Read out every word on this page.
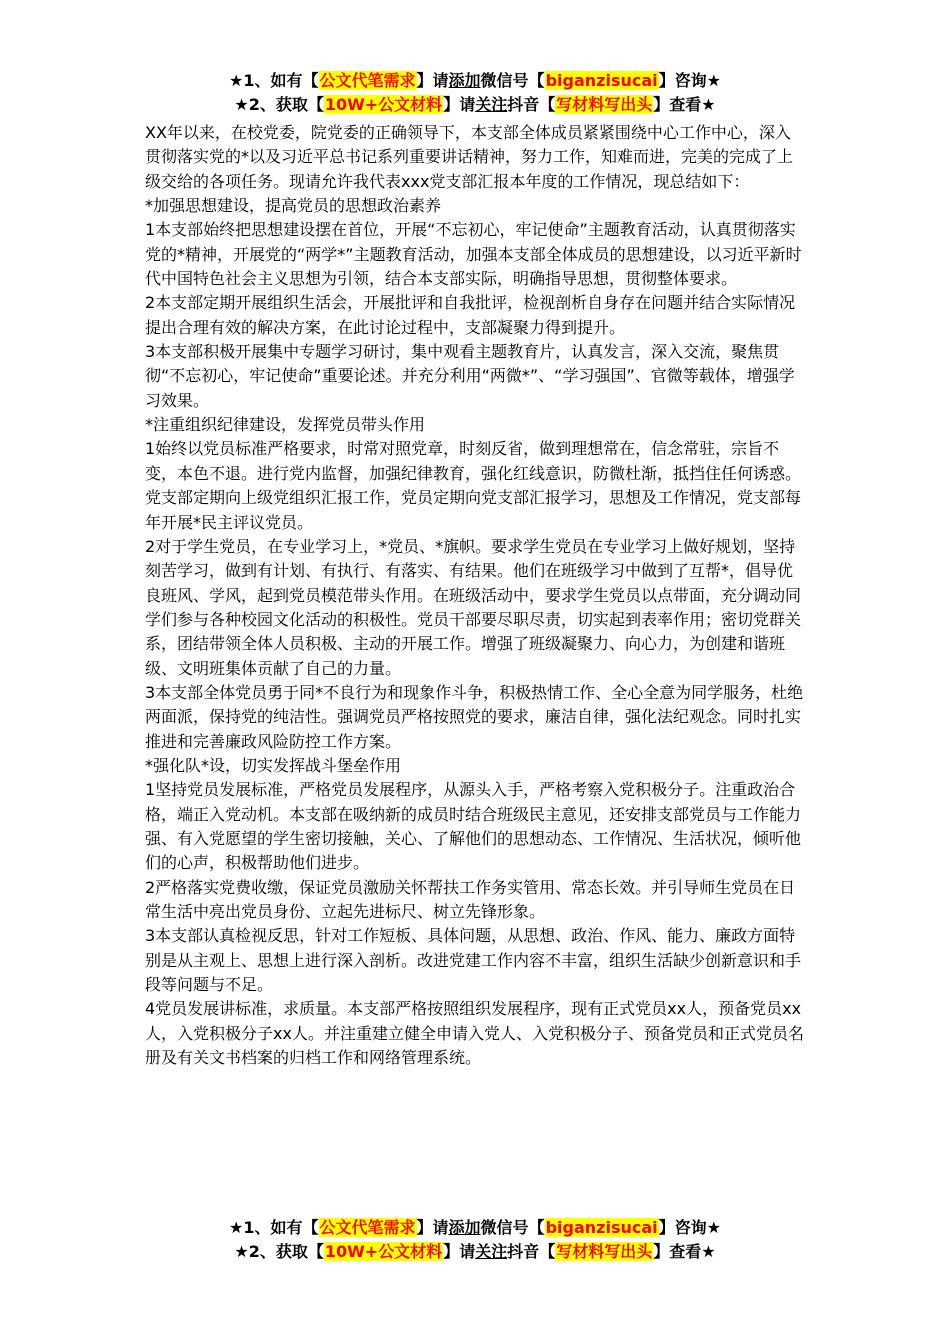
★1、如有【公文代笔需求】请添加微信号【biganzisucai】咨询★
★2、获取【10W+公文材料】请关注抖音【写材料写出头】查看★

XX年以来，在校党委，院党委的正确领导下，本支部全体成员紧紧围绕中心工作中心，深入贯彻落实党的*以及习近平总书记系列重要讲话精神，努力工作，知难而进，完美的完成了上级交给的各项任务。现请允许我代表xxx党支部汇报本年度的工作情况，现总结如下：

*加强思想建设，提高党员的思想政治素养

1本支部始终把思想建设摆在首位，开展“不忘初心，牢记使命”主题教育活动，认真贯彻落实党的*精神，开展党的“两学*”主题教育活动，加强本支部全体成员的思想建设，以习近平新时代中国特色社会主义思想为引领，结合本支部实际，明确指导思想，贯彻整体要求。

2本支部定期开展组织生活会，开展批评和自我批评，检视剖析自身存在问题并结合实际情况提出合理有效的解决方案，在此讨论过程中，支部凝聚力得到提升。

3本支部积极开展集中专题学习研讨，集中观看主题教育片，认真发言，深入交流，聚焦贯彻“不忘初心，牢记使命”重要论述。并充分利用“两微*”、“学习强国”、官微等载体，增强学习效果。

*注重组织纪律建设，发挥党员带头作用

1始终以党员标准严格要求，时常对照党章，时刻反省，做到理想常在，信念常驻，宗旨不变，本色不退。进行党内监督，加强纪律教育，强化红线意识，防微杜渐，抵挡住任何诱惑。党支部定期向上级党组织汇报工作，党员定期向党支部汇报学习，思想及工作情况，党支部每年开展*民主评议党员。

2对于学生党员，在专业学习上，*党员、*旗帜。要求学生党员在专业学习上做好规划，坚持刻苦学习，做到有计划、有执行、有落实、有结果。他们在班级学习中做到了互帮*，倡导优良班风、学风，起到党员模范带头作用。在班级活动中，要求学生党员以点带面，充分调动同学们参与各种校园文化活动的积极性。党员干部要尽职尽责，切实起到表率作用；密切党群关系，团结带领全体人员积极、主动的开展工作。增强了班级凝聚力、向心力，为创建和谐班级、文明班集体贡献了自己的力量。

3本支部全体党员勇于同*不良行为和现象作斗争，积极热情工作、全心全意为同学服务，杜绝两面派，保持党的纯洁性。强调党员严格按照党的要求，廉洁自律，强化法纪观念。同时扎实推进和完善廉政风险防控工作方案。

*强化队*设，切实发挥战斗堡垒作用

1坚持党员发展标准，严格党员发展程序，从源头入手，严格考察入党积极分子。注重政治合格，端正入党动机。本支部在吸纳新的成员时结合班级民主意见，还安排支部党员与工作能力强、有入党愿望的学生密切接触，关心、了解他们的思想动态、工作情况、生活状况，倾听他们的心声，积极帮助他们进步。

2严格落实党费收缴，保证党员激励关怀帮扶工作务实管用、常态长效。并引导师生党员在日常生活中亮出党员身份、立起先进标尺、树立先锋形象。

3本支部认真检视反思，针对工作短板、具体问题，从思想、政治、作风、能力、廉政方面特别是从主观上、思想上进行深入剖析。改进党建工作内容不丰富，组织生活缺少创新意识和手段等问题与不足。

4党员发展讲标准，求质量。本支部严格按照组织发展程序，现有正式党员xx人，预备党员xx人，入党积极分子xx人。并注重建立健全申请入党人、入党积极分子、预备党员和正式党员名册及有关文书档案的归档工作和网络管理系统。

★1、如有【公文代笔需求】请添加微信号【biganzisucai】咨询★
★2、获取【10W+公文材料】请关注抖音【写材料写出头】查看★
